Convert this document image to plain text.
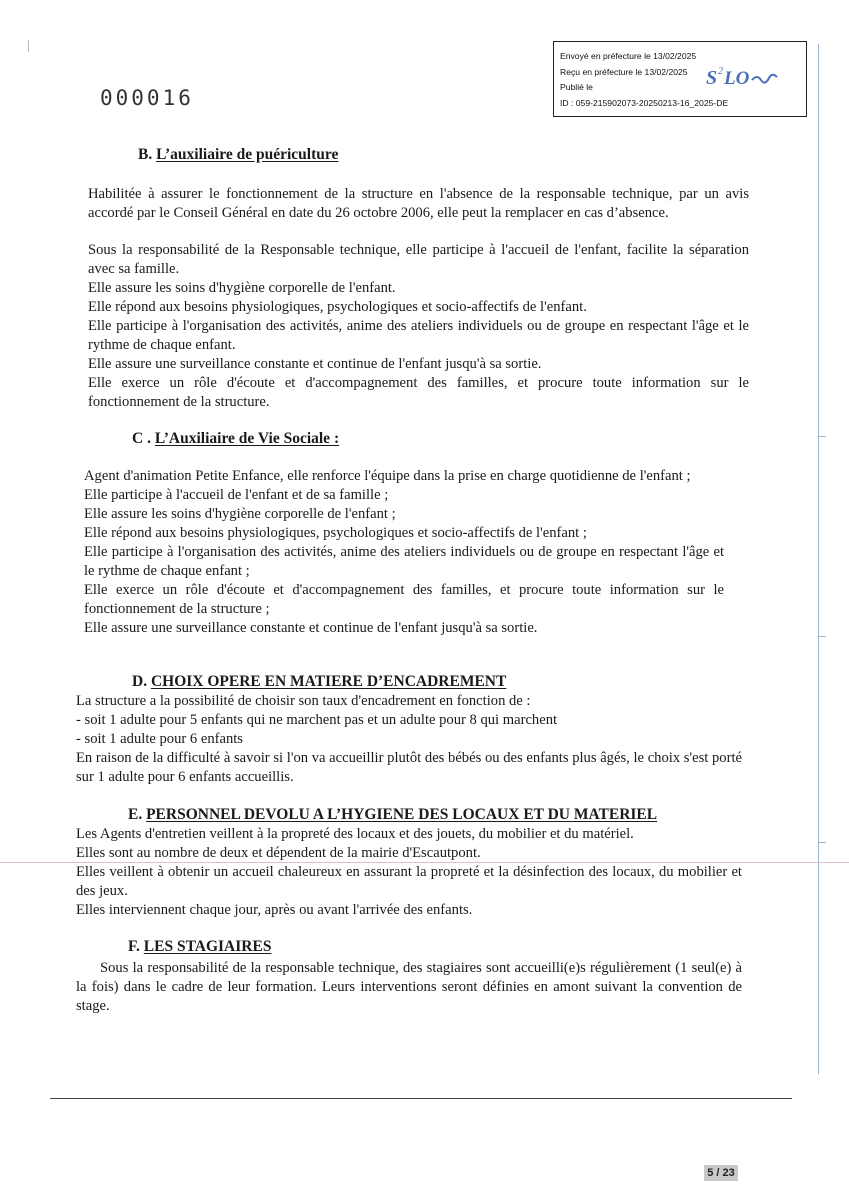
Envoyé en préfecture le 13/02/2025
Reçu en préfecture le 13/02/2025
Publié le
ID : 059-215902073-20250213-16_2025-DE
S 2 LO
000016
B. L’auxiliaire de puériculture

Habilitée à assurer le fonctionnement de la structure en l'absence de la responsable technique, par un avis accordé par le Conseil Général en date du 26 octobre 2006, elle peut la remplacer en cas d’absence.

Sous la responsabilité de la Responsable technique, elle participe à l'accueil de l'enfant, facilite la séparation avec sa famille.

Elle assure les soins d'hygiène corporelle de l'enfant.

Elle répond aux besoins physiologiques, psychologiques et socio-affectifs de l'enfant.

Elle participe à l'organisation des activités, anime des ateliers individuels ou de groupe en respectant l'âge et le rythme de chaque enfant.

Elle assure une surveillance constante et continue de l'enfant jusqu'à sa sortie.

Elle exerce un rôle d'écoute et d'accompagnement des familles, et procure toute information sur le fonctionnement de la structure.

C . L’Auxiliaire de Vie Sociale :

Agent d'animation Petite Enfance, elle renforce l'équipe dans la prise en charge quotidienne de l'enfant ;

Elle participe à l'accueil de l'enfant et de sa famille ;

Elle assure les soins d'hygiène corporelle de l'enfant ;

Elle répond aux besoins physiologiques, psychologiques et socio-affectifs de l'enfant ;

Elle participe à l'organisation des activités, anime des ateliers individuels ou de groupe en respectant l'âge et le rythme de chaque enfant ;

Elle exerce un rôle d'écoute et d'accompagnement des familles, et procure toute information sur le fonctionnement de la structure ;

Elle assure une surveillance constante et continue de l'enfant jusqu'à sa sortie.

D. CHOIX OPERE EN MATIERE D’ENCADREMENT

La structure a la possibilité de choisir son taux d'encadrement en fonction de :

- soit 1 adulte pour 5 enfants qui ne marchent pas et un adulte pour 8 qui marchent

- soit 1 adulte pour 6 enfants

En raison de la difficulté à savoir si l'on va accueillir plutôt des bébés ou des enfants plus âgés, le choix s'est porté sur 1 adulte pour 6 enfants accueillis.

E. PERSONNEL DEVOLU A L’HYGIENE DES LOCAUX ET DU MATERIEL

Les Agents d'entretien veillent à la propreté des locaux et des jouets, du mobilier et du matériel.

Elles sont au nombre de deux et dépendent de la mairie d'Escautpont.

Elles veillent à obtenir un accueil chaleureux en assurant la propreté et la désinfection des locaux, du mobilier et des jeux.

Elles interviennent chaque jour, après ou avant l'arrivée des enfants.

F. LES STAGIAIRES

Sous la responsabilité de la responsable technique, des stagiaires sont accueilli(e)s régulièrement (1 seul(e) à la fois) dans le cadre de leur formation. Leurs interventions seront définies en amont suivant la convention de stage.

5 / 23
